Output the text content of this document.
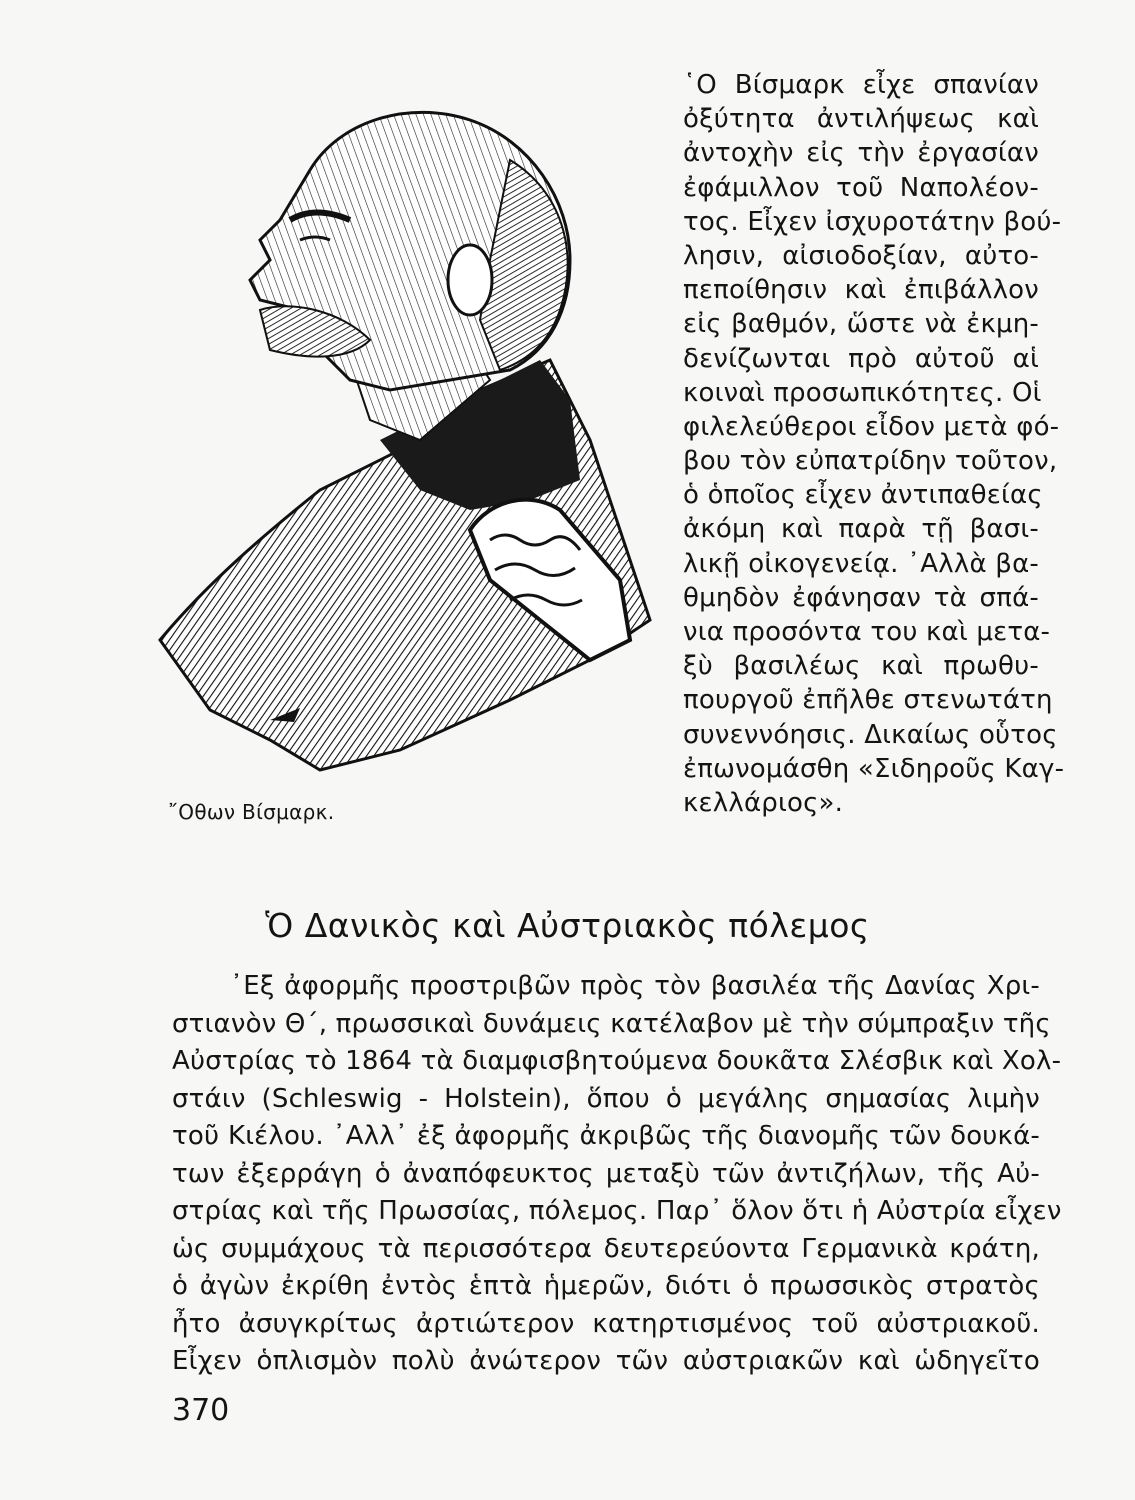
῎Οθων Βίσμαρκ.
῾Ο Βίσμαρκ εἶχε σπανίαν
ὀξύτητα ἀντιλήψεως καὶ
ἀντοχὴν εἰς τὴν ἐργασίαν
ἐφάμιλλον τοῦ Ναπολέον-
τος. Εἶχεν ἰσχυροτάτην βού-
λησιν, αἰσιοδοξίαν, αὐτο-
πεποίθησιν καὶ ἐπιβάλλον
εἰς βαθμόν, ὥστε νὰ ἐκμη-
δενίζωνται πρὸ αὐτοῦ αἱ
κοιναὶ προσωπικότητες. Οἱ
φιλελεύθεροι εἶδον μετὰ φό-
βου τὸν εὐπατρίδην τοῦτον,
ὁ ὁποῖος εἶχεν ἀντιπαθείας
ἀκόμη καὶ παρὰ τῇ βασι-
λικῇ οἰκογενείᾳ. ᾿Αλλὰ βα-
θμηδὸν ἐφάνησαν τὰ σπά-
νια προσόντα του καὶ μετα-
ξὺ βασιλέως καὶ πρωθυ-
πουργοῦ ἐπῆλθε στενωτάτη
συνεννόησις. Δικαίως οὗτος
ἐπωνομάσθη «Σιδηροῦς Καγ-
κελλάριος».
Ὁ Δανικὸς καὶ Αὐστριακὸς πόλεμος
᾿Εξ ἀφορμῆς προστριβῶν πρὸς τὸν βασιλέα τῆς Δανίας Χρι-
στιανὸν Θ΄, πρωσσικαὶ δυνάμεις κατέλαβον μὲ τὴν σύμπραξιν τῆς
Αὐστρίας τὸ 1864 τὰ διαμφισβητούμενα δουκᾶτα Σλέσβικ καὶ Χολ-
στάιν (Schleswig - Holstein), ὅπου ὁ μεγάλης σημασίας λιμὴν
τοῦ Κιέλου. ᾿Αλλ᾿ ἐξ ἀφορμῆς ἀκριβῶς τῆς διανομῆς τῶν δουκά-
των ἐξερράγη ὁ ἀναπόφευκτος μεταξὺ τῶν ἀντιζήλων, τῆς Αὐ-
στρίας καὶ τῆς Πρωσσίας, πόλεμος. Παρ᾿ ὅλον ὅτι ἡ Αὐστρία εἶχεν
ὡς συμμάχους τὰ περισσότερα δευτερεύοντα Γερμανικὰ κράτη,
ὁ ἀγὼν ἐκρίθη ἐντὸς ἑπτὰ ἡμερῶν, διότι ὁ πρωσσικὸς στρατὸς
ἦτο ἀσυγκρίτως ἀρτιώτερον κατηρτισμένος τοῦ αὐστριακοῦ.
Εἶχεν ὁπλισμὸν πολὺ ἀνώτερον τῶν αὐστριακῶν καὶ ὡδηγεῖτο
370
